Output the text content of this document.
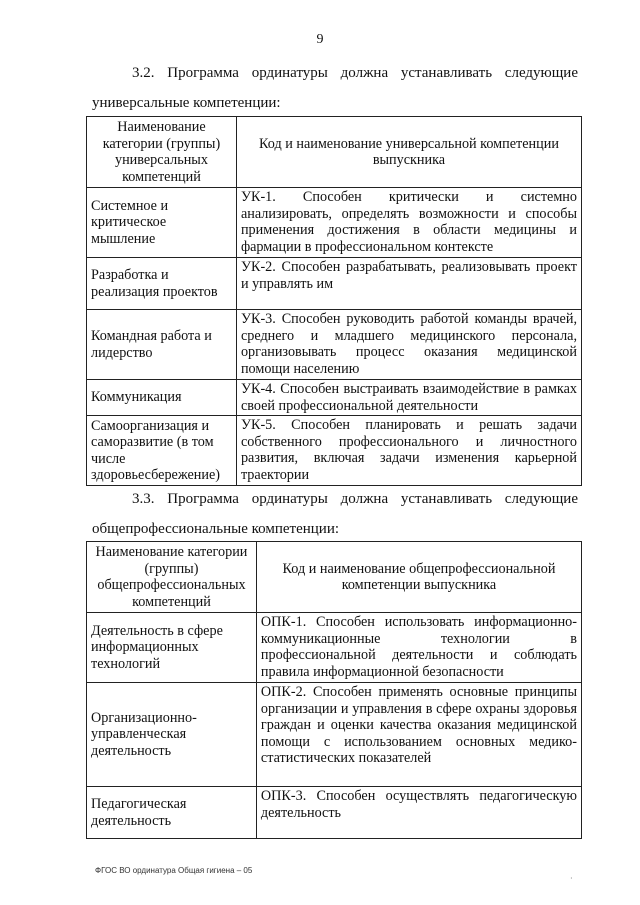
9
3.2. Программа ординатуры должна устанавливать следующие
универсальные компетенции:
Наименование категории (группы) универсальных компетенций	Код и наименование универсальной компетенции выпускника
Системное и критическое мышление	УК-1. Способен критически и системно анализировать, определять возможности и способы применения достижения в области медицины и фармации в профессиональном контексте
Разработка и реализация проектов	УК-2. Способен разрабатывать, реализовывать проект и управлять им
Командная работа и лидерство	УК-3. Способен руководить работой команды врачей, среднего и младшего медицинского персонала, организовывать процесс оказания медицинской помощи населению
Коммуникация	УК-4. Способен выстраивать взаимодействие в рамках своей профессиональной деятельности
Самоорганизация и саморазвитие (в том числе здоровьесбережение)	УК-5. Способен планировать и решать задачи собственного профессионального и личностного развития, включая задачи изменения карьерной траектории
3.3. Программа ординатуры должна устанавливать следующие
общепрофессиональные компетенции:
Наименование категории (группы) общепрофессиональных компетенций	Код и наименование общепрофессиональной компетенции выпускника
Деятельность в сфере информационных технологий	ОПК-1. Способен использовать информационно-коммуникационные технологии в профессиональной деятельности и соблюдать правила информационной безопасности
Организационно-управленческая деятельность	ОПК-2. Способен применять основные принципы организации и управления в сфере охраны здоровья граждан и оценки качества оказания медицинской помощи с использованием основных медико-статистических показателей
Педагогическая деятельность	ОПК-3. Способен осуществлять педагогическую деятельность
ФГОС ВО ординатура Общая гигиена – 05
·
